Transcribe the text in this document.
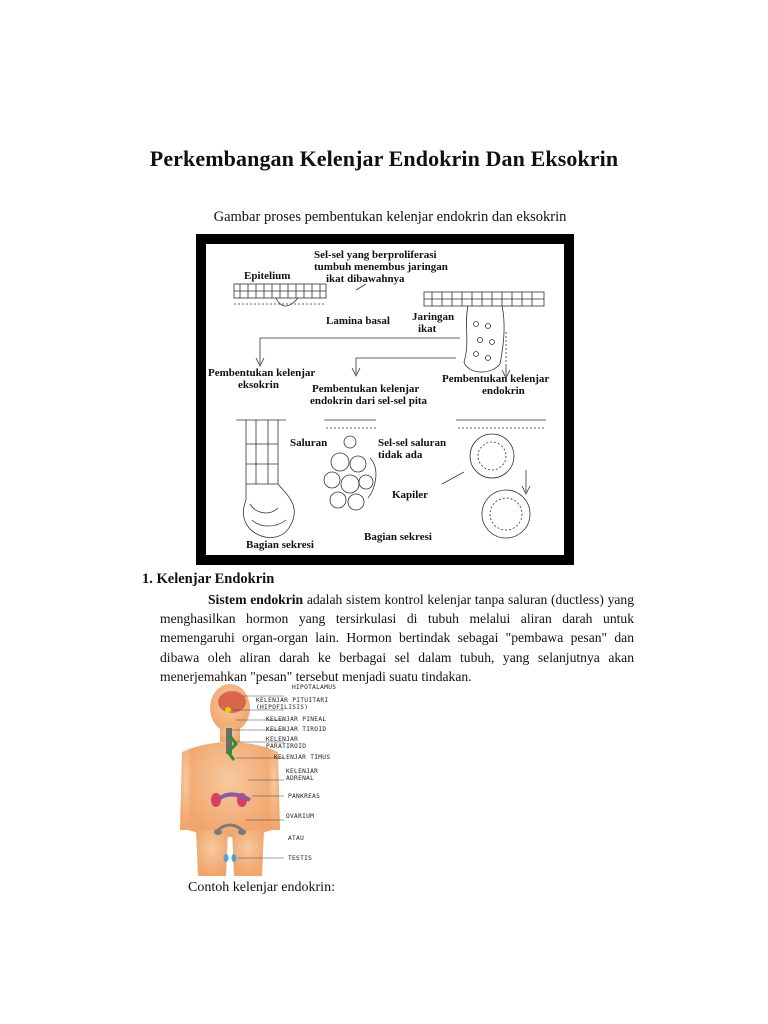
Perkembangan Kelenjar Endokrin Dan Eksokrin
Gambar proses pembentukan kelenjar endokrin dan eksokrin
Sel-sel yang berproliferasi
tumbuh menembus jaringan
ikat dibawahnya
Epitelium
Lamina basal Jaringan
ikat
Pembentukan kelenjar
eksokrin	Pembentukan kelenjar
endokrin
Pembentukan kelenjar
endokrin dari sel-sel pita
Saluran	Sel-sel saluran
tidak ada
Kapiler
Bagian sekresi
Bagian sekresi
1. Kelenjar Endokrin
Sistem endokrin adalah sistem kontrol kelenjar tanpa saluran (ductless) yang menghasilkan hormon yang tersirkulasi di tubuh melalui aliran darah untuk memengaruhi organ-organ lain. Hormon bertindak sebagai "pembawa pesan" dan dibawa oleh aliran darah ke berbagai sel dalam tubuh, yang selanjutnya akan menerjemahkan "pesan" tersebut menjadi suatu tindakan.
HIPOTALAMUS
KELENJAR PITUITARI
(HIPOFILISIS)
KELENJAR PINEAL
KELENJAR TIROID
KELENJAR
PARATIROID
KELENJAR TIMUS
KELENJAR
ADRENAL
PANKREAS
OVARIUM
ATAU
TESTIS
Contoh kelenjar endokrin:
